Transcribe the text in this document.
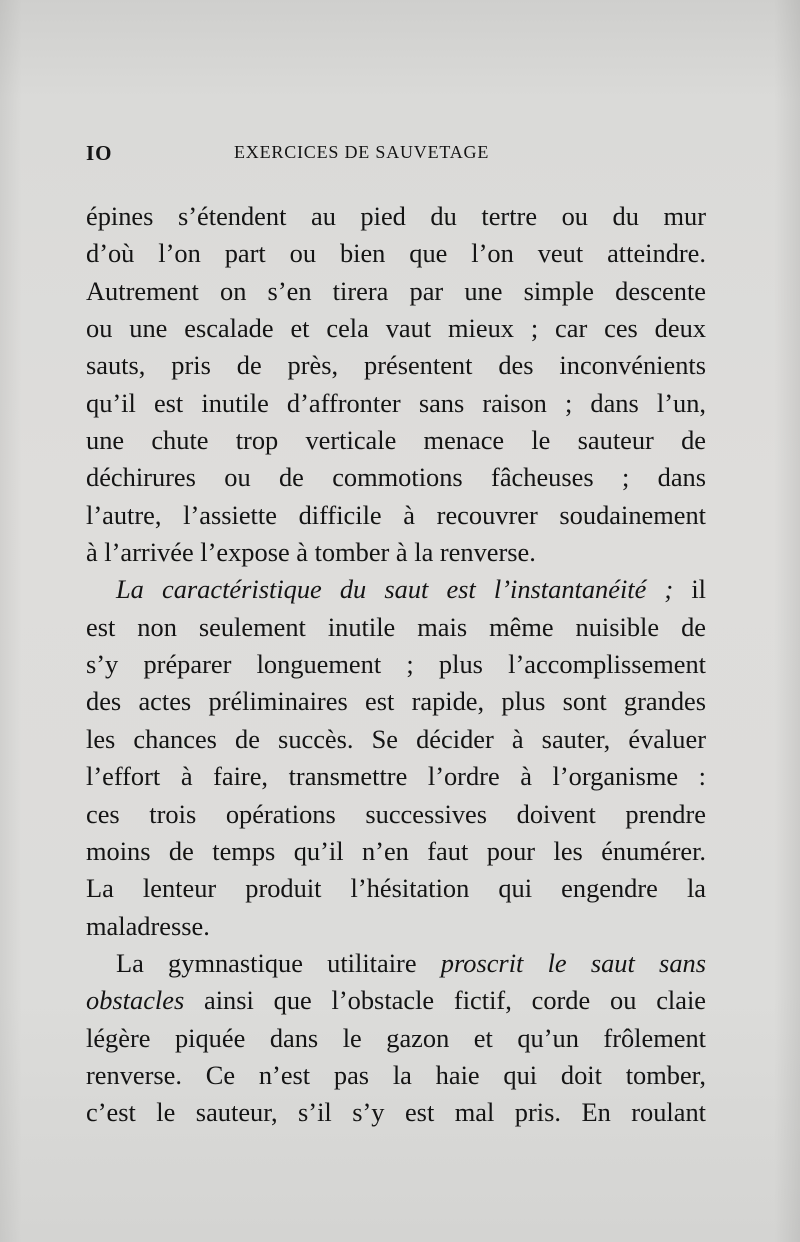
IO	EXERCICES DE SAUVETAGE
épines s’étendent au pied du tertre ou du mur
d’où l’on part ou bien que l’on veut atteindre.
Autrement on s’en tirera par une simple descente
ou une escalade et cela vaut mieux ; car ces deux
sauts, pris de près, présentent des inconvénients
qu’il est inutile d’affronter sans raison ; dans l’un,
une chute trop verticale menace le sauteur de
déchirures ou de commotions fâcheuses ; dans
l’autre, l’assiette difficile à recouvrer soudainement
à l’arrivée l’expose à tomber à la renverse.
La caractéristique du saut est l’instantanéité ; il
est non seulement inutile mais même nuisible de
s’y préparer longuement ; plus l’accomplissement
des actes préliminaires est rapide, plus sont grandes
les chances de succès. Se décider à sauter, évaluer
l’effort à faire, transmettre l’ordre à l’organisme :
ces trois opérations successives doivent prendre
moins de temps qu’il n’en faut pour les énumérer.
La lenteur produit l’hésitation qui engendre la
maladresse.
La gymnastique utilitaire proscrit le saut sans
obstacles ainsi que l’obstacle fictif, corde ou claie
légère piquée dans le gazon et qu’un frôlement
renverse. Ce n’est pas la haie qui doit tomber,
c’est le sauteur, s’il s’y est mal pris. En roulant
